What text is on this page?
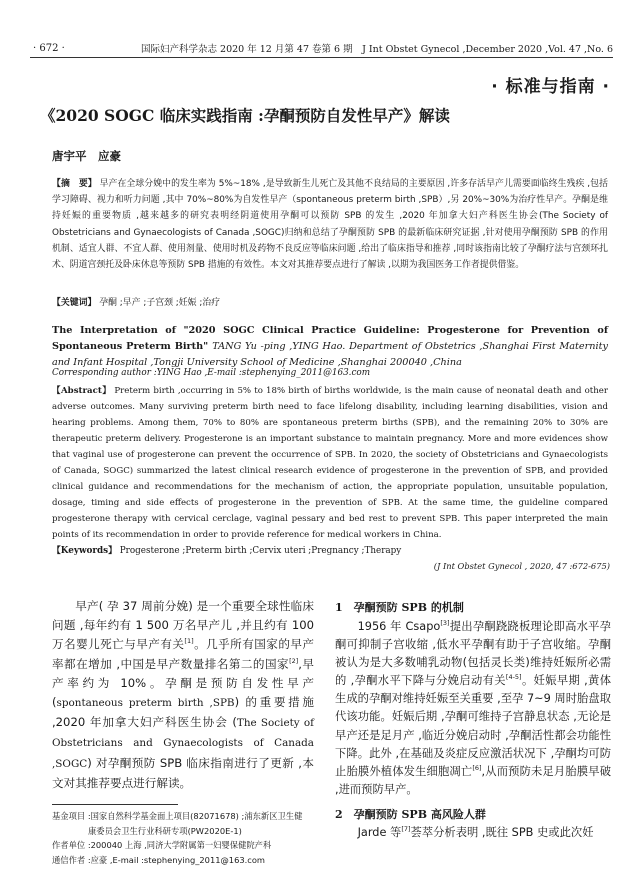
· 672 ·	国际妇产科学杂志 2020 年 12 月第 47 卷第 6 期　J Int Obstet Gynecol ,December 2020 ,Vol. 47 ,No. 6
· 标准与指南 ·
《2020 SOGC 临床实践指南 :孕酮预防自发性早产》解读
唐宇平　应豪
【摘　要】 早产在全球分娩中的发生率为 5%~18% ,是导致新生儿死亡及其他不良结局的主要原因 ,许多存活早产儿需要面临终生残疾 ,包括学习障碍、视力和听力问题 ,其中 70%~80%为自发性早产（spontaneous preterm birth ,SPB）,另 20%~30%为治疗性早产。孕酮是维持妊娠的重要物质 ,越来越多的研究表明经阴道使用孕酮可以预防 SPB 的发生 ,2020 年加拿大妇产科医生协会(The Society of Obstetricians and Gynaecologists of Canada ,SOGC)归纳和总结了孕酮预防 SPB 的最新临床研究证据 ,针对使用孕酮预防 SPB 的作用机制、适宜人群、不宜人群、使用剂量、使用时机及药物不良反应等临床问题 ,给出了临床指导和推荐 ,同时该指南比较了孕酮疗法与宫颈环扎术、阴道宫颈托及卧床休息等预防 SPB 措施的有效性。本文对其推荐要点进行了解读 ,以期为我国医务工作者提供借鉴。
【关键词】 孕酮 ;早产 ;子宫颈 ;妊娠 ;治疗
The Interpretation of "2020 SOGC Clinical Practice Guideline: Progesterone for Prevention of Spontaneous Preterm Birth" TANG Yu -ping ,YING Hao. Department of Obstetrics ,Shanghai First Maternity and Infant Hospital ,Tongji University School of Medicine ,Shanghai 200040 ,China
Corresponding author :YING Hao ,E-mail :stephenying_2011@163.com
【Abstract】 Preterm birth ,occurring in 5% to 18% birth of births worldwide, is the main cause of neonatal death and other adverse outcomes. Many surviving preterm birth need to face lifelong disability, including learning disabilities, vision and hearing problems. Among them, 70% to 80% are spontaneous preterm births (SPB), and the remaining 20% to 30% are therapeutic preterm delivery. Progesterone is an important substance to maintain pregnancy. More and more evidences show that vaginal use of progesterone can prevent the occurrence of SPB. In 2020, the society of Obstetricians and Gynaecologists of Canada, SOGC) summarized the latest clinical research evidence of progesterone in the prevention of SPB, and provided clinical guidance and recommendations for the mechanism of action, the appropriate population, unsuitable population, dosage, timing and side effects of progesterone in the prevention of SPB. At the same time, the guideline compared progesterone therapy with cervical cerclage, vaginal pessary and bed rest to prevent SPB. This paper interpreted the main points of its recommendation in order to provide reference for medical workers in China.
【Keywords】 Progesterone ;Preterm birth ;Cervix uteri ;Pregnancy ;Therapy
(J Int Obstet Gynecol , 2020, 47 :672-675)

早产( 孕 37 周前分娩) 是一个重要全球性临床问题 ,每年约有 1 500 万名早产儿 ,并且约有 100 万名婴儿死亡与早产有关[1]。几乎所有国家的早产率都在增加 ,中国是早产数量排名第二的国家[2],早产率约为 10%。孕酮是预防自发性早产(spontaneous preterm birth ,SPB) 的重要措施 ,2020 年加拿大妇产科医生协会 (The Society of Obstetricians and Gynaecologists of Canada ,SOGC) 对孕酮预防 SPB 临床指南进行了更新 ,本文对其推荐要点进行解读。

基金项目 :国家自然科学基金面上项目(82071678) ;浦东新区卫生健
康委员会卫生行业科研专项(PW2020E-1)
作者单位 :200040 上海 ,同济大学附属第一妇婴保健院产科
通信作者 :应豪 ,E-mail :stephenying_2011@163.com
1　孕酮预防 SPB 的机制

1956 年 Csapo[3]提出孕酮跷跷板理论即高水平孕酮可抑制子宫收缩 ,低水平孕酮有助于子宫收缩。孕酮被认为是大多数哺乳动物(包括灵长类)维持妊娠所必需的 ,孕酮水平下降与分娩启动有关[4-5]。妊娠早期 ,黄体生成的孕酮对维持妊娠至关重要 ,至孕 7~9 周时胎盘取代该功能。妊娠后期 ,孕酮可维持子宫静息状态 ,无论是早产还是足月产 ,临近分娩启动时 ,孕酮活性都会功能性下降。此外 ,在基础及炎症反应激活状况下 ,孕酮均可防止胎膜外植体发生细胞凋亡[6],从而预防未足月胎膜早破 ,进而预防早产。

2　孕酮预防 SPB 高风险人群

Jarde 等[7]荟萃分析表明 ,既往 SPB 史或此次妊
